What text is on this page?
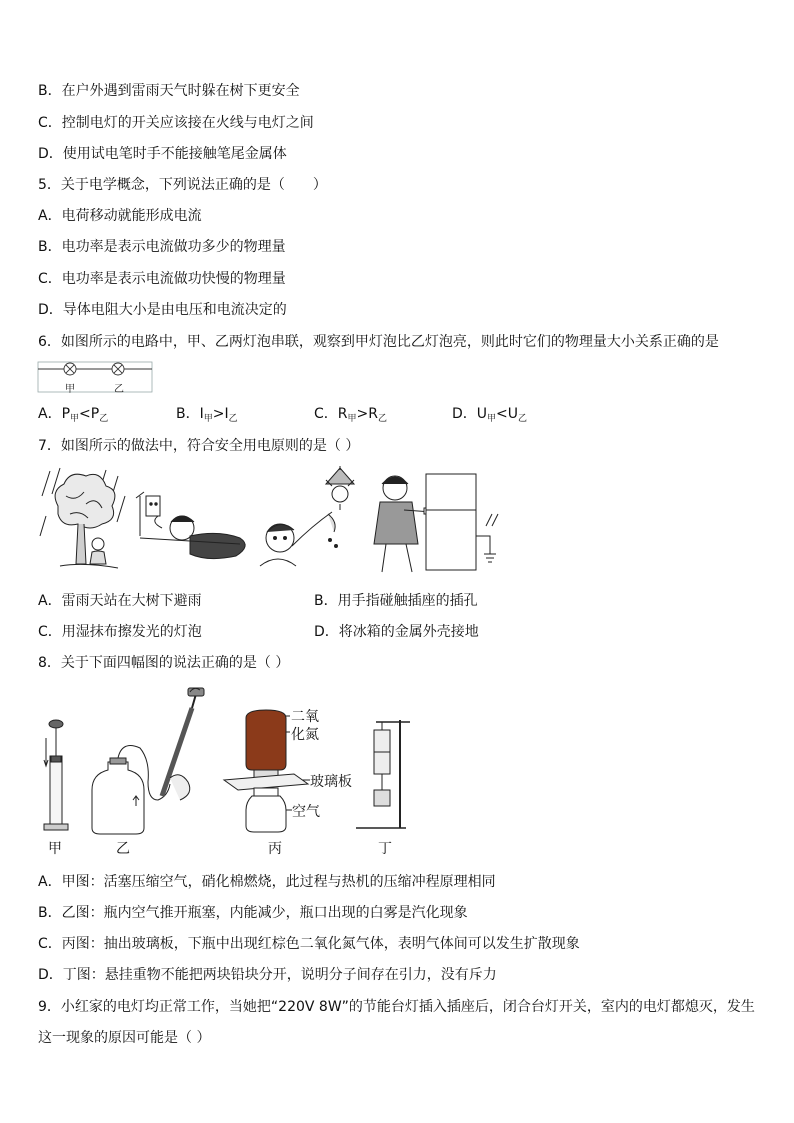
B．在户外遇到雷雨天气时躲在树下更安全
C．控制电灯的开关应该接在火线与电灯之间
D．使用试电笔时手不能接触笔尾金属体
5．关于电学概念，下列说法正确的是（　　）
A．电荷移动就能形成电流
B．电功率是表示电流做功多少的物理量
C．电功率是表示电流做功快慢的物理量
D．导体电阻大小是由电压和电流决定的
6．如图所示的电路中，甲、乙两灯泡串联，观察到甲灯泡比乙灯泡亮，则此时它们的物理量大小关系正确的是
甲	乙
A．$P_甲<P_乙$	B．$I_甲>I_乙$	C．$R_甲>R_乙$	D．$U_甲<U_乙$
7．如图所示的做法中，符合安全用电原则的是（ ）
A．雷雨天站在大树下避雨	B．用手指碰触插座的插孔
C．用湿抹布擦发光的灯泡	D．将冰箱的金属外壳接地
8．关于下面四幅图的说法正确的是（ ）
甲	乙	丙	丁
二氧
化氮
玻璃板
空气
A．甲图：活塞压缩空气，硝化棉燃烧，此过程与热机的压缩冲程原理相同
B．乙图：瓶内空气推开瓶塞，内能减少，瓶口出现的白雾是汽化现象
C．丙图：抽出玻璃板，下瓶中出现红棕色二氧化氮气体，表明气体间可以发生扩散现象
D．丁图：悬挂重物不能把两块铅块分开，说明分子间存在引力，没有斥力
9．小红家的电灯均正常工作，当她把“220V 8W”的节能台灯插入插座后，闭合台灯开关，室内的电灯都熄灭，发生
这一现象的原因可能是（ ）
